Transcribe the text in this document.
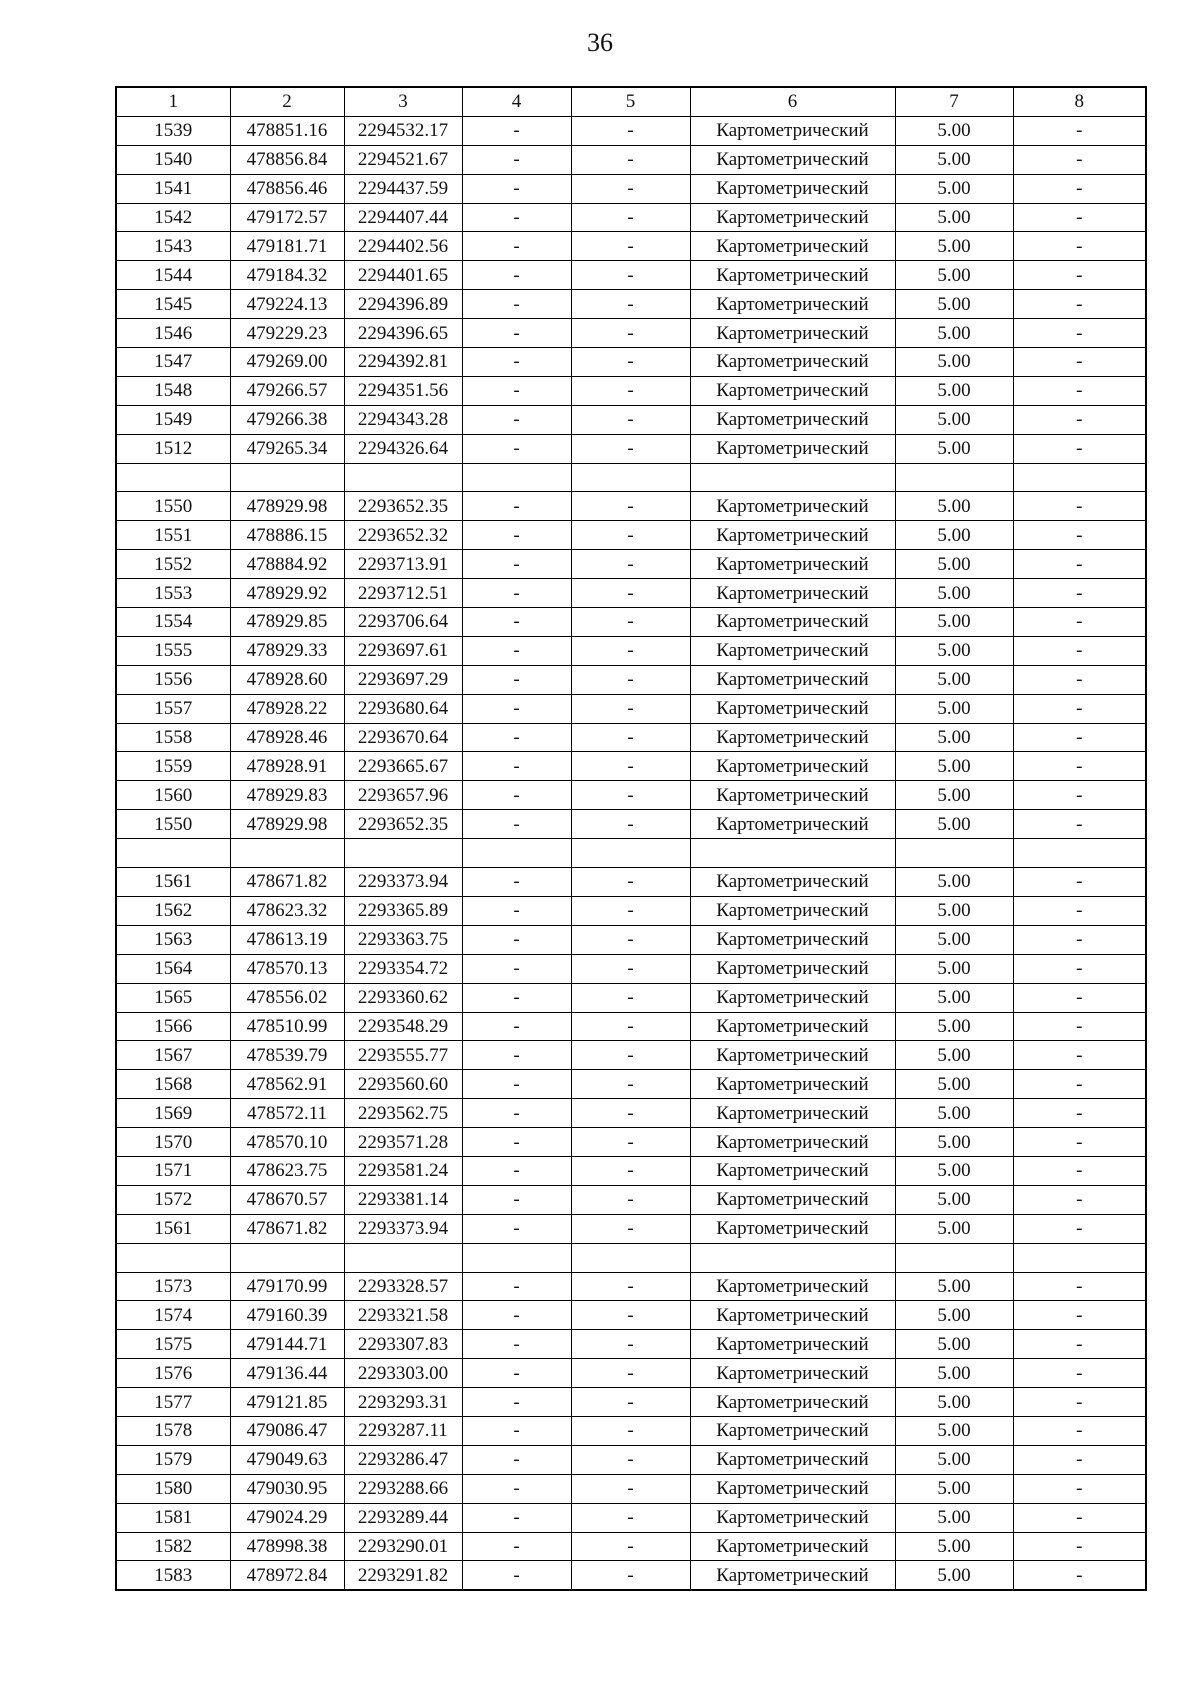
36
1	2	3	4	5	6	7	8
1539	478851.16	2294532.17	-	-	Картометрический	5.00	-
1540	478856.84	2294521.67	-	-	Картометрический	5.00	-
1541	478856.46	2294437.59	-	-	Картометрический	5.00	-
1542	479172.57	2294407.44	-	-	Картометрический	5.00	-
1543	479181.71	2294402.56	-	-	Картометрический	5.00	-
1544	479184.32	2294401.65	-	-	Картометрический	5.00	-
1545	479224.13	2294396.89	-	-	Картометрический	5.00	-
1546	479229.23	2294396.65	-	-	Картометрический	5.00	-
1547	479269.00	2294392.81	-	-	Картометрический	5.00	-
1548	479266.57	2294351.56	-	-	Картометрический	5.00	-
1549	479266.38	2294343.28	-	-	Картометрический	5.00	-
1512	479265.34	2294326.64	-	-	Картометрический	5.00	-

1550	478929.98	2293652.35	-	-	Картометрический	5.00	-
1551	478886.15	2293652.32	-	-	Картометрический	5.00	-
1552	478884.92	2293713.91	-	-	Картометрический	5.00	-
1553	478929.92	2293712.51	-	-	Картометрический	5.00	-
1554	478929.85	2293706.64	-	-	Картометрический	5.00	-
1555	478929.33	2293697.61	-	-	Картометрический	5.00	-
1556	478928.60	2293697.29	-	-	Картометрический	5.00	-
1557	478928.22	2293680.64	-	-	Картометрический	5.00	-
1558	478928.46	2293670.64	-	-	Картометрический	5.00	-
1559	478928.91	2293665.67	-	-	Картометрический	5.00	-
1560	478929.83	2293657.96	-	-	Картометрический	5.00	-
1550	478929.98	2293652.35	-	-	Картометрический	5.00	-

1561	478671.82	2293373.94	-	-	Картометрический	5.00	-
1562	478623.32	2293365.89	-	-	Картометрический	5.00	-
1563	478613.19	2293363.75	-	-	Картометрический	5.00	-
1564	478570.13	2293354.72	-	-	Картометрический	5.00	-
1565	478556.02	2293360.62	-	-	Картометрический	5.00	-
1566	478510.99	2293548.29	-	-	Картометрический	5.00	-
1567	478539.79	2293555.77	-	-	Картометрический	5.00	-
1568	478562.91	2293560.60	-	-	Картометрический	5.00	-
1569	478572.11	2293562.75	-	-	Картометрический	5.00	-
1570	478570.10	2293571.28	-	-	Картометрический	5.00	-
1571	478623.75	2293581.24	-	-	Картометрический	5.00	-
1572	478670.57	2293381.14	-	-	Картометрический	5.00	-
1561	478671.82	2293373.94	-	-	Картометрический	5.00	-

1573	479170.99	2293328.57	-	-	Картометрический	5.00	-
1574	479160.39	2293321.58	-	-	Картометрический	5.00	-
1575	479144.71	2293307.83	-	-	Картометрический	5.00	-
1576	479136.44	2293303.00	-	-	Картометрический	5.00	-
1577	479121.85	2293293.31	-	-	Картометрический	5.00	-
1578	479086.47	2293287.11	-	-	Картометрический	5.00	-
1579	479049.63	2293286.47	-	-	Картометрический	5.00	-
1580	479030.95	2293288.66	-	-	Картометрический	5.00	-
1581	479024.29	2293289.44	-	-	Картометрический	5.00	-
1582	478998.38	2293290.01	-	-	Картометрический	5.00	-
1583	478972.84	2293291.82	-	-	Картометрический	5.00	-
